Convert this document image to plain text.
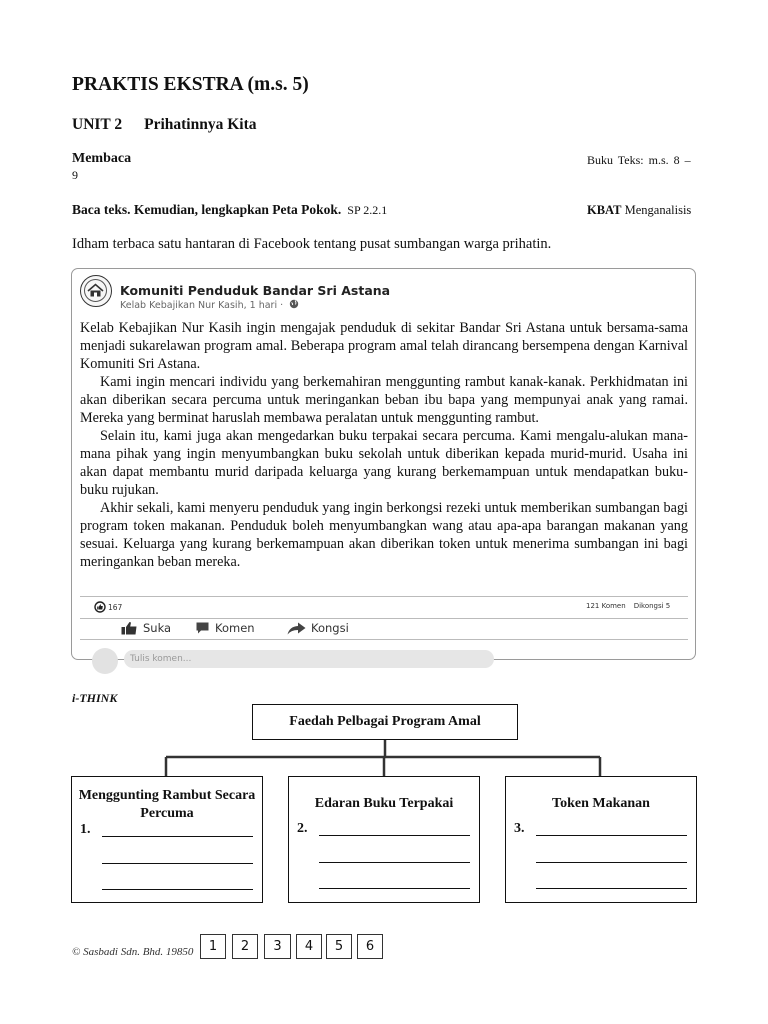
PRAKTIS EKSTRA (m.s. 5)
UNIT 2 Prihatinnya Kita
Membaca
9
Buku Teks: m.s. 8 –
Baca teks. Kemudian, lengkapkan Peta Pokok. SP 2.2.1	KBAT Menganalisis
Idham terbaca satu hantaran di Facebook tentang pusat sumbangan warga prihatin.
Komuniti Penduduk Bandar Sri Astana
Kelab Kebajikan Nur Kasih, 1 hari ·

Kelab Kebajikan Nur Kasih ingin mengajak penduduk di sekitar Bandar Sri Astana untuk bersama-sama menjadi sukarelawan program amal. Beberapa program amal telah dirancang bersempena dengan Karnival Komuniti Sri Astana.

Kami ingin mencari individu yang berkemahiran menggunting rambut kanak-kanak. Perkhidmatan ini akan diberikan secara percuma untuk meringankan beban ibu bapa yang mempunyai anak yang ramai. Mereka yang berminat haruslah membawa peralatan untuk menggunting rambut.

Selain itu, kami juga akan mengedarkan buku terpakai secara percuma. Kami mengalu-alukan mana-mana pihak yang ingin menyumbangkan buku sekolah untuk diberikan kepada murid-murid. Usaha ini akan dapat membantu murid daripada keluarga yang kurang berkemampuan untuk mendapatkan buku-buku rujukan.

Akhir sekali, kami menyeru penduduk yang ingin berkongsi rezeki untuk memberikan sumbangan bagi program token makanan. Penduduk boleh menyumbangkan wang atau apa-apa barangan makanan yang sesuai. Keluarga yang kurang berkemampuan akan diberikan token untuk menerima sumbangan ini bagi meringankan beban mereka.

167	121 Komen Dikongsi 5
Suka	Komen	Kongsi
Tulis komen...
i-THINK
Faedah Pelbagai Program Amal
Menggunting Rambut Secara Percuma
1.
Edaran Buku Terpakai
2.
Token Makanan
3.
© Sasbadi Sdn. Bhd. 19850	1	2	3	4	5	6
